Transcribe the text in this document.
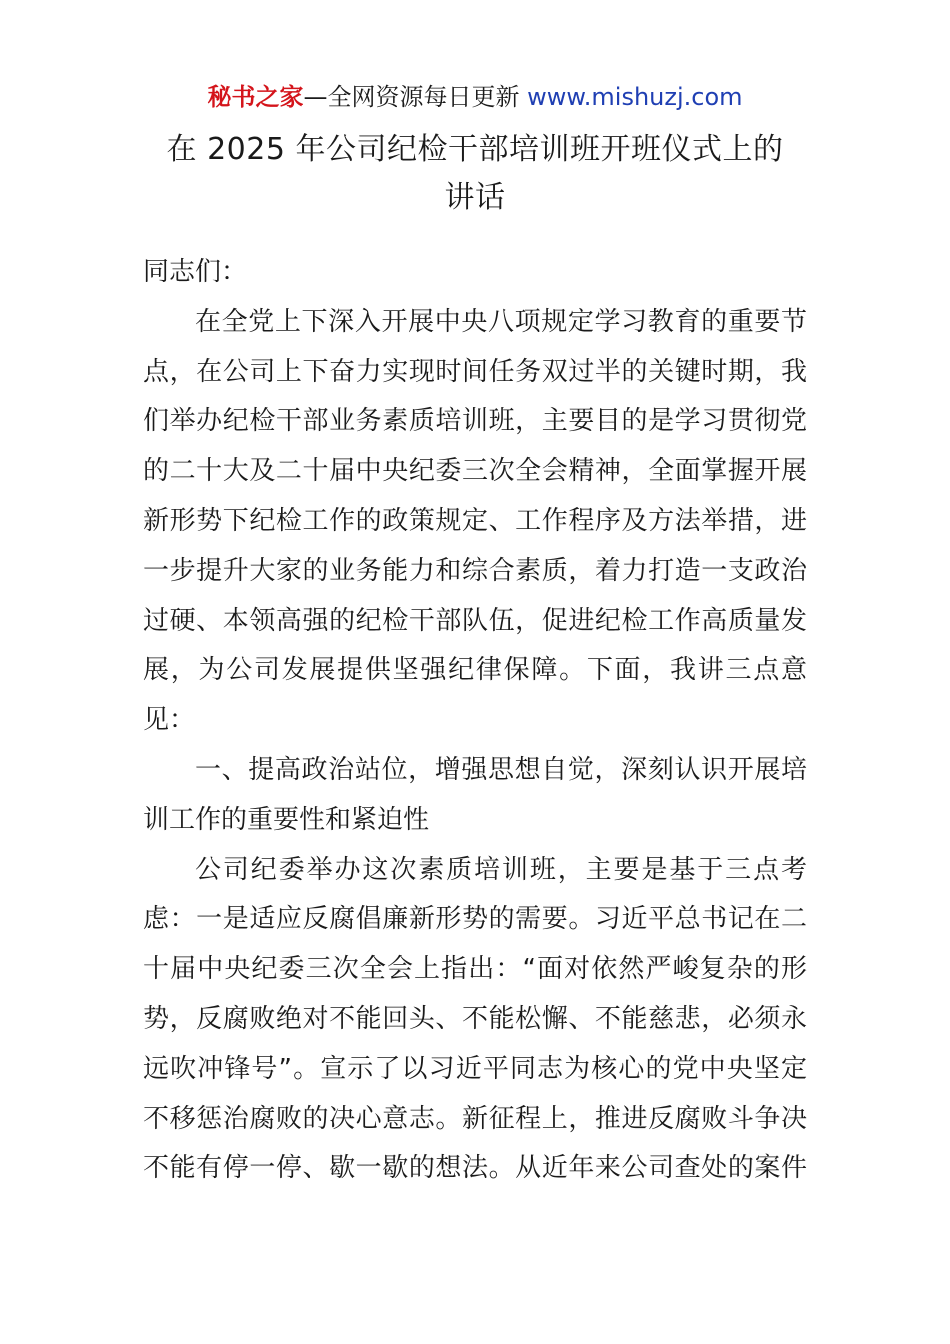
秘书之家—全网资源每日更新 www.mishuzj.com
在 2025 年公司纪检干部培训班开班仪式上的
讲话
同志们：
在全党上下深入开展中央八项规定学习教育的重要节
点，在公司上下奋力实现时间任务双过半的关键时期，我
们举办纪检干部业务素质培训班，主要目的是学习贯彻党
的二十大及二十届中央纪委三次全会精神，全面掌握开展
新形势下纪检工作的政策规定、工作程序及方法举措，进
一步提升大家的业务能力和综合素质，着力打造一支政治
过硬、本领高强的纪检干部队伍，促进纪检工作高质量发
展，为公司发展提供坚强纪律保障。下面，我讲三点意
见：
一、提高政治站位，增强思想自觉，深刻认识开展培
训工作的重要性和紧迫性
公司纪委举办这次素质培训班，主要是基于三点考
虑：一是适应反腐倡廉新形势的需要。习近平总书记在二
十届中央纪委三次全会上指出：“面对依然严峻复杂的形
势，反腐败绝对不能回头、不能松懈、不能慈悲，必须永
远吹冲锋号”。宣示了以习近平同志为核心的党中央坚定
不移惩治腐败的决心意志。新征程上，推进反腐败斗争决
不能有停一停、歇一歇的想法。从近年来公司查处的案件
